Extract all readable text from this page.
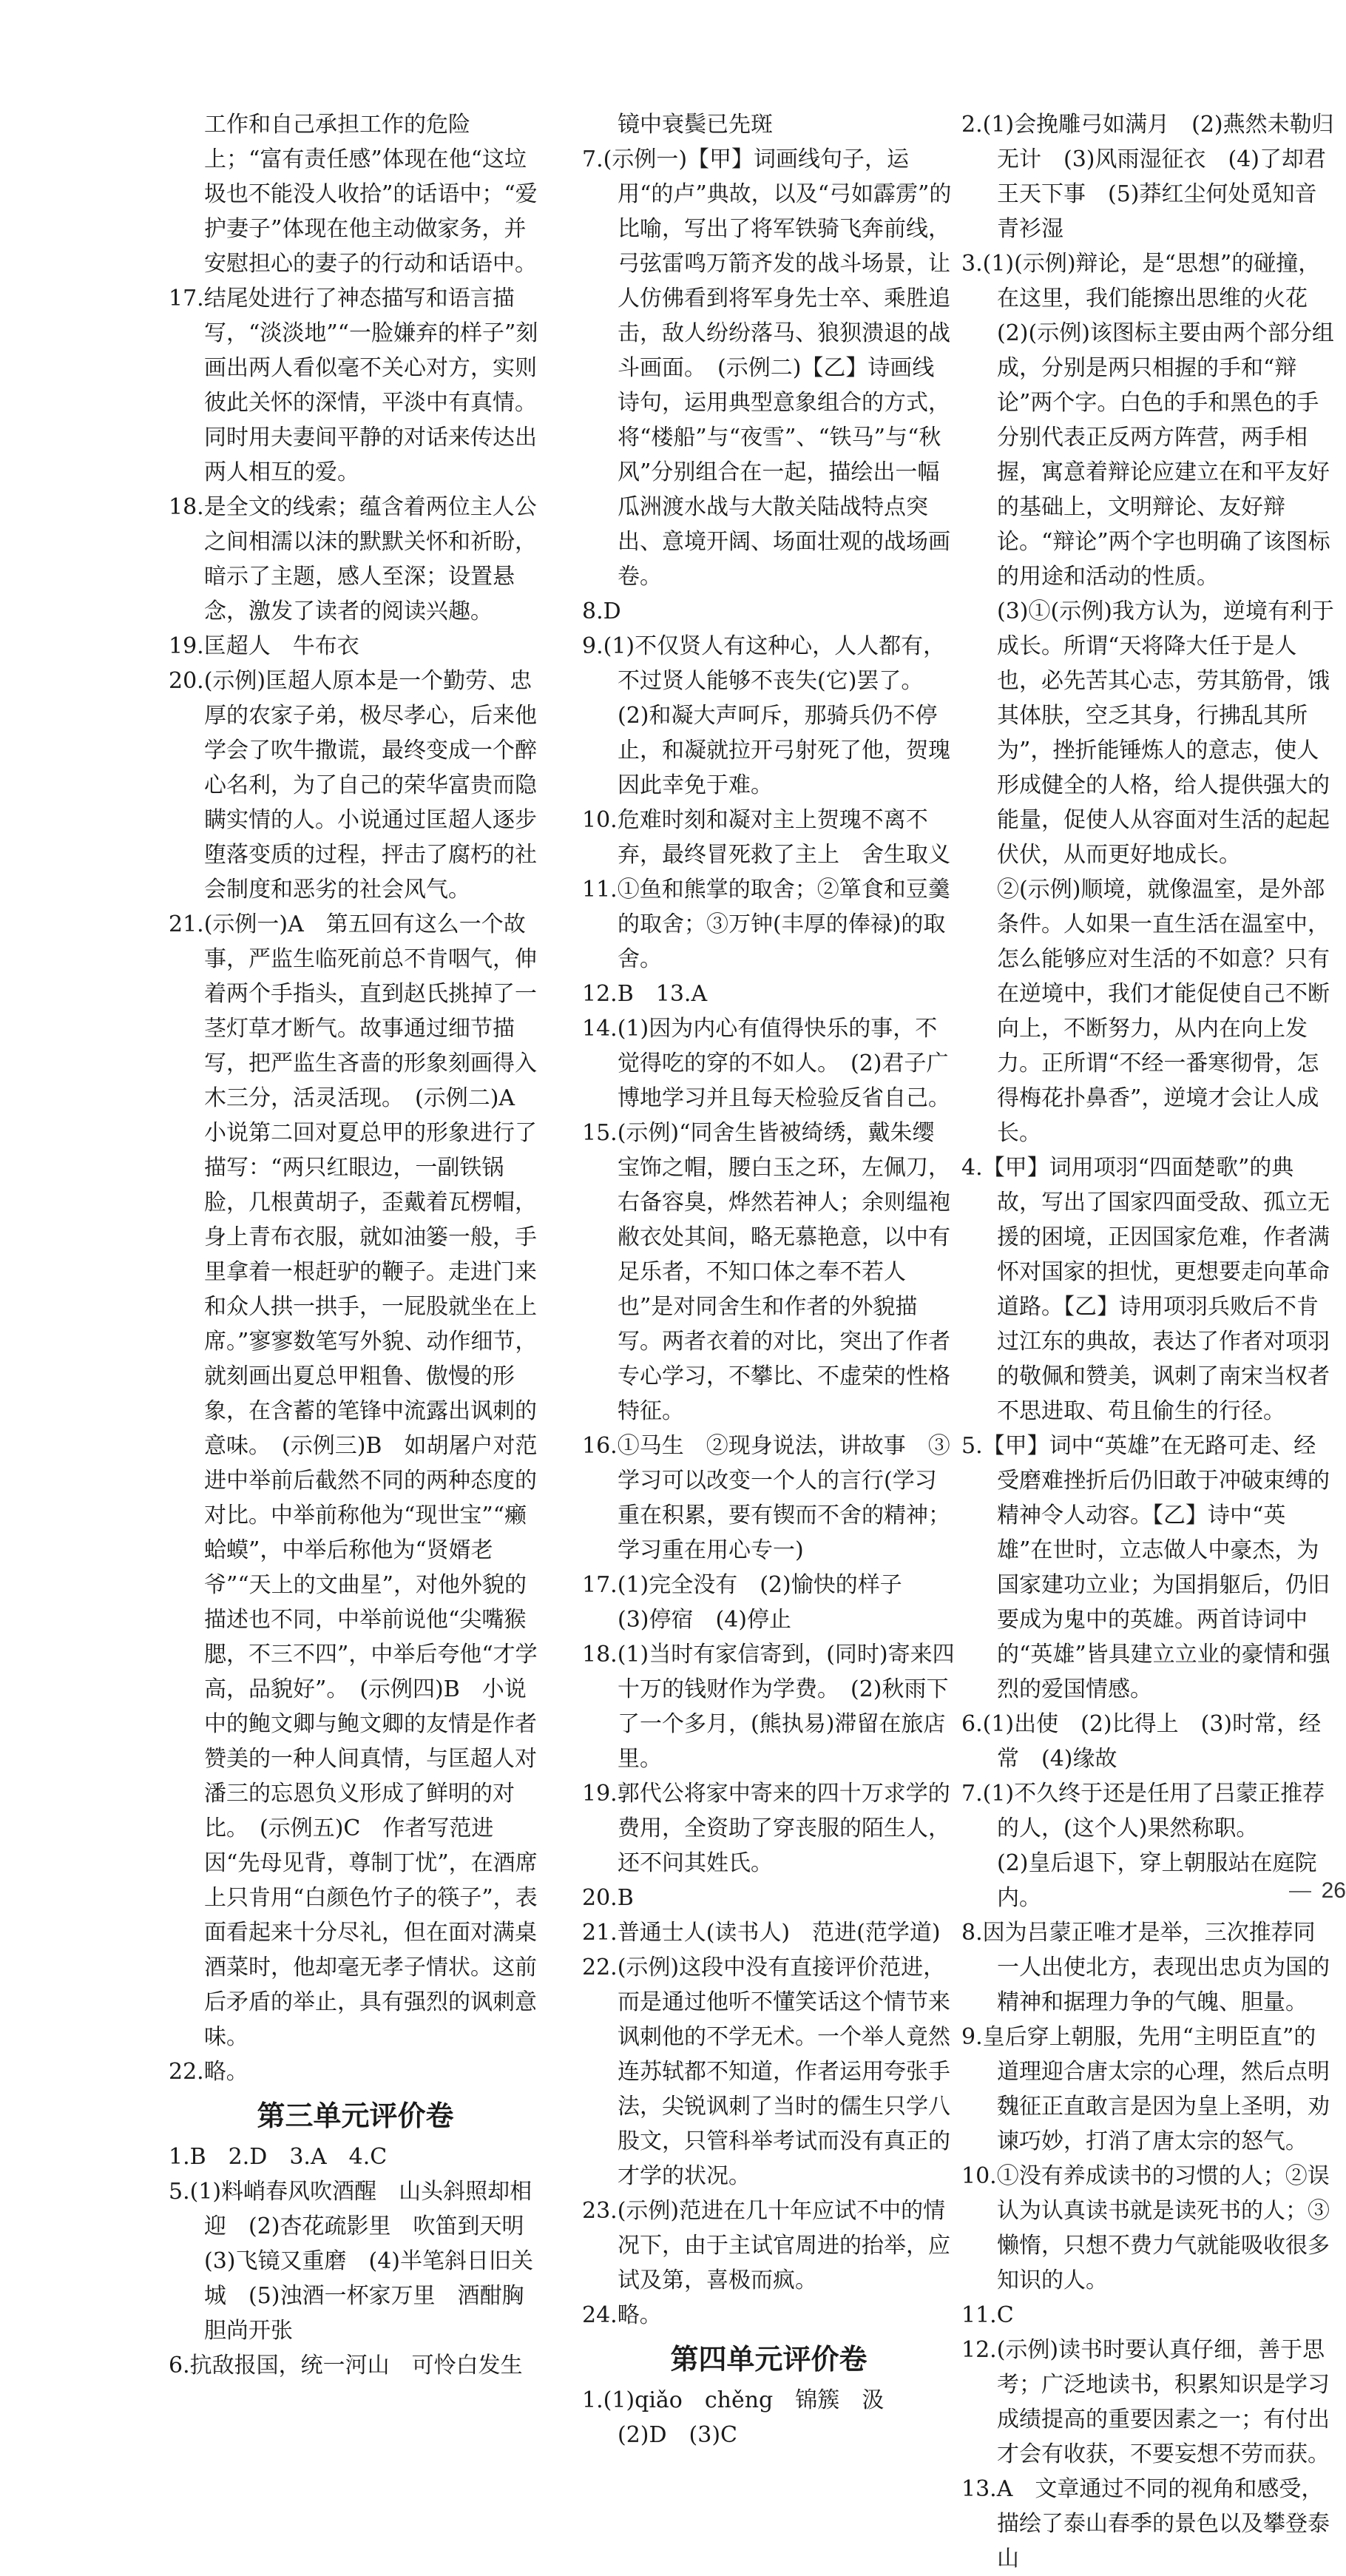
工作和自己承担工作的危险上；“富有责任感”体现在他“这垃圾也不能没人收拾”的话语中；“爱护妻子”体现在他主动做家务，并安慰担心的妻子的行动和话语中。

17.结尾处进行了神态描写和语言描写，“淡淡地”“一脸嫌弃的样子”刻画出两人看似毫不关心对方，实则彼此关怀的深情，平淡中有真情。同时用夫妻间平静的对话来传达出两人相互的爱。

18.是全文的线索；蕴含着两位主人公之间相濡以沫的默默关怀和祈盼，暗示了主题，感人至深；设置悬念，激发了读者的阅读兴趣。

19.匡超人　牛布衣

20.(示例)匡超人原本是一个勤劳、忠厚的农家子弟，极尽孝心，后来他学会了吹牛撒谎，最终变成一个醉心名利，为了自己的荣华富贵而隐瞒实情的人。小说通过匡超人逐步堕落变质的过程，抨击了腐朽的社会制度和恶劣的社会风气。

21.(示例一)A　第五回有这么一个故事，严监生临死前总不肯咽气，伸着两个手指头，直到赵氏挑掉了一茎灯草才断气。故事通过细节描写，把严监生吝啬的形象刻画得入木三分，活灵活现。　(示例二)A　小说第二回对夏总甲的形象进行了描写：“两只红眼边，一副铁锅脸，几根黄胡子，歪戴着瓦楞帽，身上青布衣服，就如油篓一般，手里拿着一根赶驴的鞭子。走进门来和众人拱一拱手，一屁股就坐在上席。”寥寥数笔写外貌、动作细节，就刻画出夏总甲粗鲁、傲慢的形象，在含蓄的笔锋中流露出讽刺的意味。　(示例三)B　如胡屠户对范进中举前后截然不同的两种态度的对比。中举前称他为“现世宝”“癞蛤蟆”，中举后称他为“贤婿老爷”“天上的文曲星”，对他外貌的描述也不同，中举前说他“尖嘴猴腮，不三不四”，中举后夸他“才学高，品貌好”。　(示例四)B　小说中的鲍文卿与鲍文卿的友情是作者赞美的一种人间真情，与匡超人对潘三的忘恩负义形成了鲜明的对比。　(示例五)C　作者写范进因“先母见背，尊制丁忧”，在酒席上只肯用“白颜色竹子的筷子”，表面看起来十分尽礼，但在面对满桌酒菜时，他却毫无孝子情状。这前后矛盾的举止，具有强烈的讽刺意味。

22.略。

第三单元评价卷

1.B　2.D　3.A　4.C

5.(1)料峭春风吹酒醒　山头斜照却相迎　(2)杏花疏影里　吹笛到天明　(3)飞镜又重磨　(4)半笔斜日旧关城　(5)浊酒一杯家万里　酒酣胸胆尚开张

6.抗敌报国，统一河山　可怜白发生

镜中衰鬓已先斑

7.(示例一)【甲】词画线句子，运用“的卢”典故，以及“弓如霹雳”的比喻，写出了将军铁骑飞奔前线，弓弦雷鸣万箭齐发的战斗场景，让人仿佛看到将军身先士卒、乘胜追击，敌人纷纷落马、狼狈溃退的战斗画面。　(示例二)【乙】诗画线诗句，运用典型意象组合的方式，将“楼船”与“夜雪”、“铁马”与“秋风”分别组合在一起，描绘出一幅瓜洲渡水战与大散关陆战特点突出、意境开阔、场面壮观的战场画卷。

8.D

9.(1)不仅贤人有这种心，人人都有，不过贤人能够不丧失(它)罢了。

(2)和凝大声呵斥，那骑兵仍不停止，和凝就拉开弓射死了他，贺瑰因此幸免于难。

10.危难时刻和凝对主上贺瑰不离不弃，最终冒死救了主上　舍生取义

11.①鱼和熊掌的取舍；②箪食和豆羹的取舍；③万钟(丰厚的俸禄)的取舍。

12.B　13.A

14.(1)因为内心有值得快乐的事，不觉得吃的穿的不如人。　(2)君子广博地学习并且每天检验反省自己。

15.(示例)“同舍生皆被绮绣，戴朱缨宝饰之帽，腰白玉之环，左佩刀，右备容臭，烨然若神人；余则缊袍敝衣处其间，略无慕艳意，以中有足乐者，不知口体之奉不若人也”是对同舍生和作者的外貌描写。两者衣着的对比，突出了作者专心学习，不攀比、不虚荣的性格特征。

16.①马生　②现身说法，讲故事　③学习可以改变一个人的言行(学习重在积累，要有锲而不舍的精神；学习重在用心专一)

17.(1)完全没有　(2)愉快的样子　(3)停宿　(4)停止

18.(1)当时有家信寄到，(同时)寄来四十万的钱财作为学费。　(2)秋雨下了一个多月，(熊执易)滞留在旅店里。

19.郭代公将家中寄来的四十万求学的费用，全资助了穿丧服的陌生人，还不问其姓氏。

20.B

21.普通士人(读书人)　范进(范学道)

22.(示例)这段中没有直接评价范进，而是通过他听不懂笑话这个情节来讽刺他的不学无术。一个举人竟然连苏轼都不知道，作者运用夸张手法，尖锐讽刺了当时的儒生只学八股文，只管科举考试而没有真正的才学的状况。

23.(示例)范进在几十年应试不中的情况下，由于主试官周进的抬举，应试及第，喜极而疯。

24.略。

第四单元评价卷

1.(1)qiǎo　chěng　锦簇　汲

(2)D　(3)C

2.(1)会挽雕弓如满月　(2)燕然未勒归无计　(3)风雨湿征衣　(4)了却君王天下事　(5)莽红尘何处觅知音　青衫湿

3.(1)(示例)辩论，是“思想”的碰撞，在这里，我们能擦出思维的火花

(2)(示例)该图标主要由两个部分组成，分别是两只相握的手和“辩论”两个字。白色的手和黑色的手分别代表正反两方阵营，两手相握，寓意着辩论应建立在和平友好的基础上，文明辩论、友好辩论。“辩论”两个字也明确了该图标的用途和活动的性质。

(3)①(示例)我方认为，逆境有利于成长。所谓“天将降大任于是人也，必先苦其心志，劳其筋骨，饿其体肤，空乏其身，行拂乱其所为”，挫折能锤炼人的意志，使人形成健全的人格，给人提供强大的能量，促使人从容面对生活的起起伏伏，从而更好地成长。

②(示例)顺境，就像温室，是外部条件。人如果一直生活在温室中，怎么能够应对生活的不如意？只有在逆境中，我们才能促使自己不断向上，不断努力，从内在向上发力。正所谓“不经一番寒彻骨，怎得梅花扑鼻香”，逆境才会让人成长。

4.【甲】词用项羽“四面楚歌”的典故，写出了国家四面受敌、孤立无援的困境，正因国家危难，作者满怀对国家的担忧，更想要走向革命道路。【乙】诗用项羽兵败后不肯过江东的典故，表达了作者对项羽的敬佩和赞美，讽刺了南宋当权者不思进取、苟且偷生的行径。

5.【甲】词中“英雄”在无路可走、经受磨难挫折后仍旧敢于冲破束缚的精神令人动容。【乙】诗中“英雄”在世时，立志做人中豪杰，为国家建功立业；为国捐躯后，仍旧要成为鬼中的英雄。两首诗词中的“英雄”皆具建立立业的豪情和强烈的爱国情感。

6.(1)出使　(2)比得上　(3)时常，经常　(4)缘故

7.(1)不久终于还是任用了吕蒙正推荐的人，(这个人)果然称职。

(2)皇后退下，穿上朝服站在庭院内。

8.因为吕蒙正唯才是举，三次推荐同一人出使北方，表现出忠贞为国的精神和据理力争的气魄、胆量。

9.皇后穿上朝服，先用“主明臣直”的道理迎合唐太宗的心理，然后点明魏征正直敢言是因为皇上圣明，劝谏巧妙，打消了唐太宗的怒气。

10.①没有养成读书的习惯的人；②误认为认真读书就是读死书的人；③懒惰，只想不费力气就能吸收很多知识的人。

11.C

12.(示例)读书时要认真仔细，善于思考；广泛地读书，积累知识是学习成绩提高的重要因素之一；有付出才会有收获，不要妄想不劳而获。

13.A　文章通过不同的视角和感受，描绘了泰山春季的景色以及攀登泰山

26
